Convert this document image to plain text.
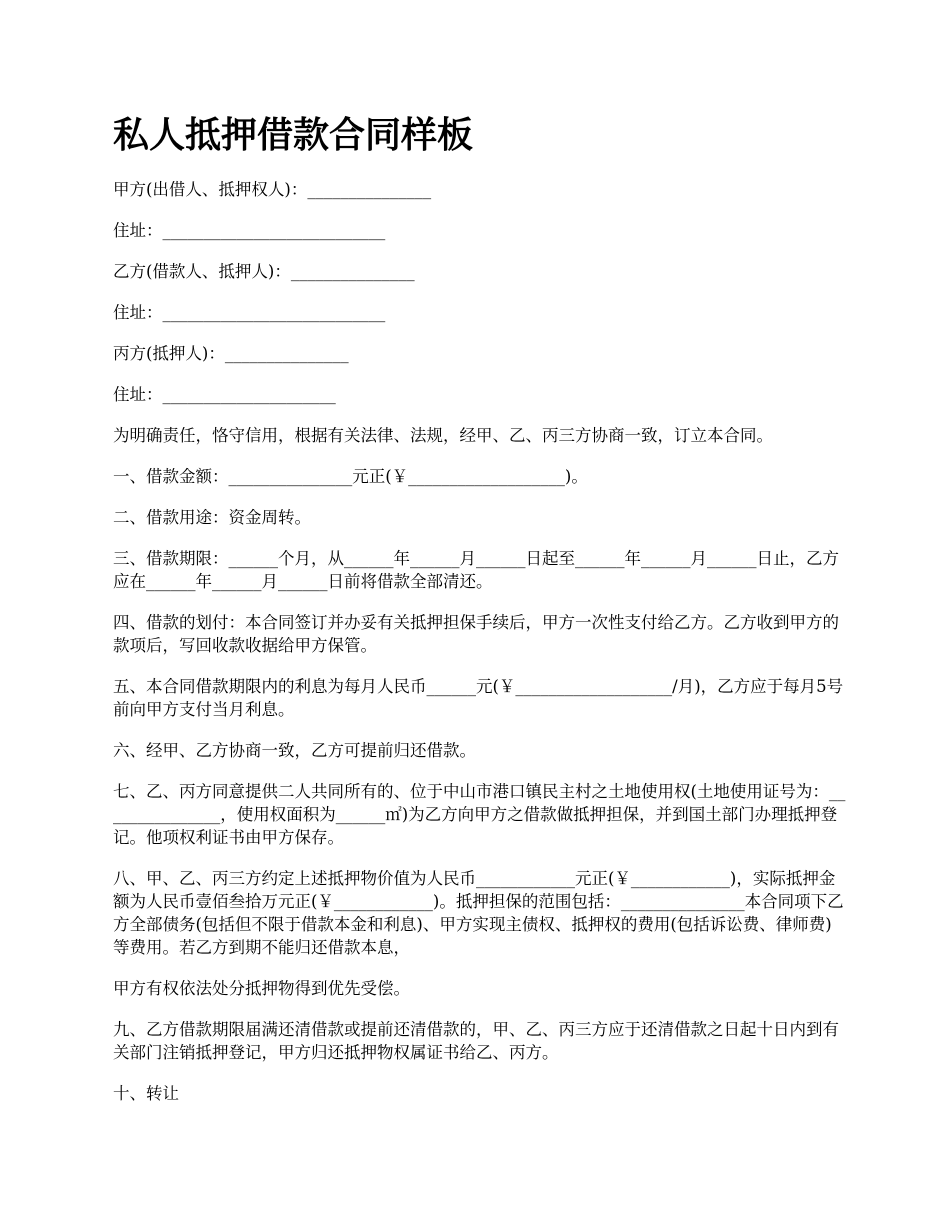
私人抵押借款合同样板

甲方(出借人、抵押权人)：_______________

住址：___________________________

乙方(借款人、抵押人)：_______________

住址：___________________________

丙方(抵押人)：_______________

住址：_____________________

为明确责任，恪守信用，根据有关法律、法规，经甲、乙、丙三方协商一致，订立本合同。

一、借款金额：_______________元正(￥___________________)。

二、借款用途：资金周转。

三、借款期限：______个月，从______年______月______日起至______年______月______日止，乙方应在______年______月______日前将借款全部清还。

四、借款的划付：本合同签订并办妥有关抵押担保手续后，甲方一次性支付给乙方。乙方收到甲方的款项后，写回收款收据给甲方保管。

五、本合同借款期限内的利息为每月人民币______元(￥___________________/月)，乙方应于每月5号前向甲方支付当月利息。

六、经甲、乙方协商一致，乙方可提前归还借款。

七、乙、丙方同意提供二人共同所有的、位于中山市港口镇民主村之土地使用权(土地使用证号为：_______________，使用权面积为______㎡)为乙方向甲方之借款做抵押担保，并到国土部门办理抵押登记。他项权利证书由甲方保存。

八、甲、乙、丙三方约定上述抵押物价值为人民币____________元正(￥____________)，实际抵押金额为人民币壹佰叁拾万元正(￥____________)。抵押担保的范围包括：_______________本合同项下乙方全部债务(包括但不限于借款本金和利息)、甲方实现主债权、抵押权的费用(包括诉讼费、律师费)等费用。若乙方到期不能归还借款本息，

甲方有权依法处分抵押物得到优先受偿。

九、乙方借款期限届满还清借款或提前还清借款的，甲、乙、丙三方应于还清借款之日起十日内到有关部门注销抵押登记，甲方归还抵押物权属证书给乙、丙方。

十、转让
